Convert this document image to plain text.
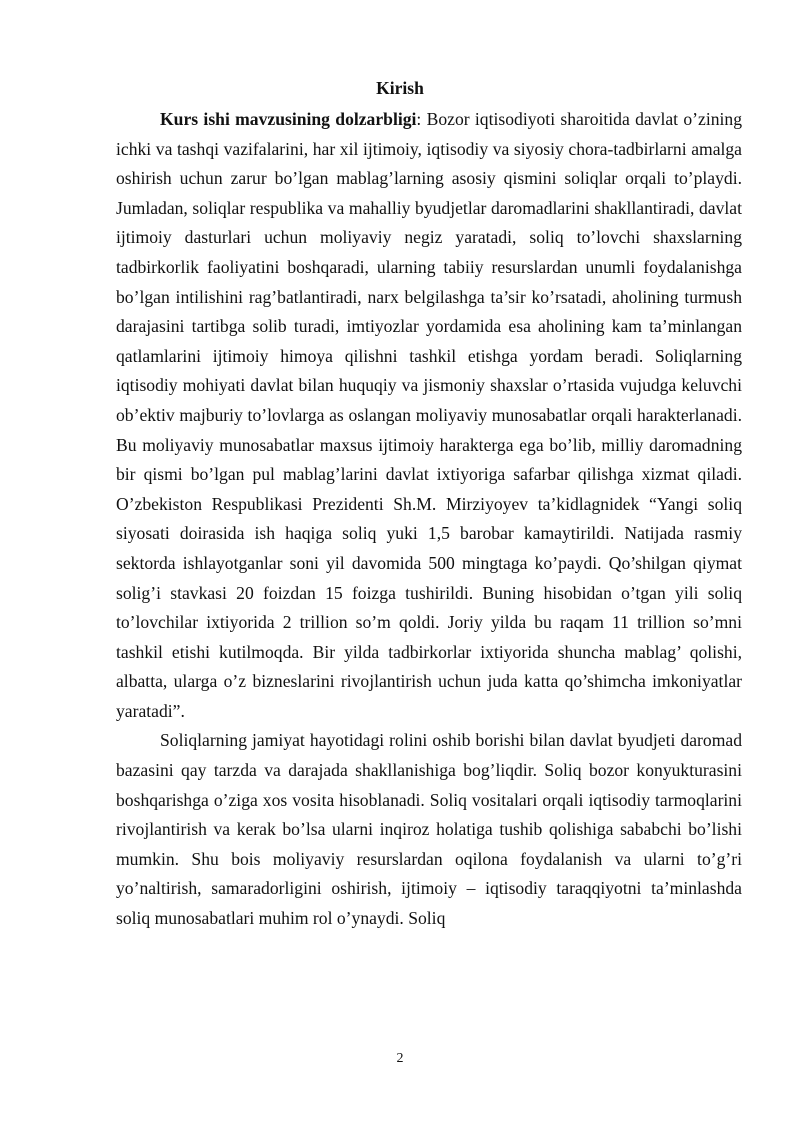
Kirish

Kurs ishi mavzusining dolzarbligi: Bozor iqtisodiyoti sharoitida davlat o’zining ichki va tashqi vazifalarini, har xil ijtimoiy, iqtisodiy va siyosiy chora-tadbirlarni amalga oshirish uchun zarur bo’lgan mablag’larning asosiy qismini soliqlar orqali to’playdi. Jumladan, soliqlar respublika va mahalliy byudjetlar daromadlarini shakllantiradi, davlat ijtimoiy dasturlari uchun moliyaviy negiz yaratadi, soliq to’lovchi shaxslarning tadbirkorlik faoliyatini boshqaradi, ularning tabiiy resurslardan unumli foydalanishga bo’lgan intilishini rag’batlantiradi, narx belgilashga ta’sir ko’rsatadi, aholining turmush darajasini tartibga solib turadi, imtiyozlar yordamida esa aholining kam ta’minlangan qatlamlarini ijtimoiy himoya qilishni tashkil etishga yordam beradi. Soliqlarning iqtisodiy mohiyati davlat bilan huquqiy va jismoniy shaxslar o’rtasida vujudga keluvchi ob’ektiv majburiy to’lovlarga as oslangan moliyaviy munosabatlar orqali harakterlanadi. Bu moliyaviy munosabatlar maxsus ijtimoiy harakterga ega bo’lib, milliy daromadning bir qismi bo’lgan pul mablag’larini davlat ixtiyoriga safarbar qilishga xizmat qiladi. O’zbekiston Respublikasi Prezidenti Sh.M. Mirziyoyev ta’kidlagnidek “Yangi soliq siyosati doirasida ish haqiga soliq yuki 1,5 barobar kamaytirildi. Natijada rasmiy sektorda ishlayotganlar soni yil davomida 500 mingtaga ko’paydi. Qo’shilgan qiymat solig’i stavkasi 20 foizdan 15 foizga tushirildi. Buning hisobidan o’tgan yili soliq to’lovchilar ixtiyorida 2 trillion so’m qoldi. Joriy yilda bu raqam 11 trillion so’mni tashkil etishi kutilmoqda. Bir yilda tadbirkorlar ixtiyorida shuncha mablag’ qolishi, albatta, ularga o’z bizneslarini rivojlantirish uchun juda katta qo’shimcha imkoniyatlar yaratadi”.

Soliqlarning jamiyat hayotidagi rolini oshib borishi bilan davlat byudjeti daromad bazasini qay tarzda va darajada shakllanishiga bog’liqdir. Soliq bozor konyukturasini boshqarishga o’ziga xos vosita hisoblanadi. Soliq vositalari orqali iqtisodiy tarmoqlarini rivojlantirish va kerak bo’lsa ularni inqiroz holatiga tushib qolishiga sababchi bo’lishi mumkin. Shu bois moliyaviy resurslardan oqilona foydalanish va ularni to’g’ri yo’naltirish, samaradorligini oshirish, ijtimoiy – iqtisodiy taraqqiyotni ta’minlashda soliq munosabatlari muhim rol o’ynaydi. Soliq

2
